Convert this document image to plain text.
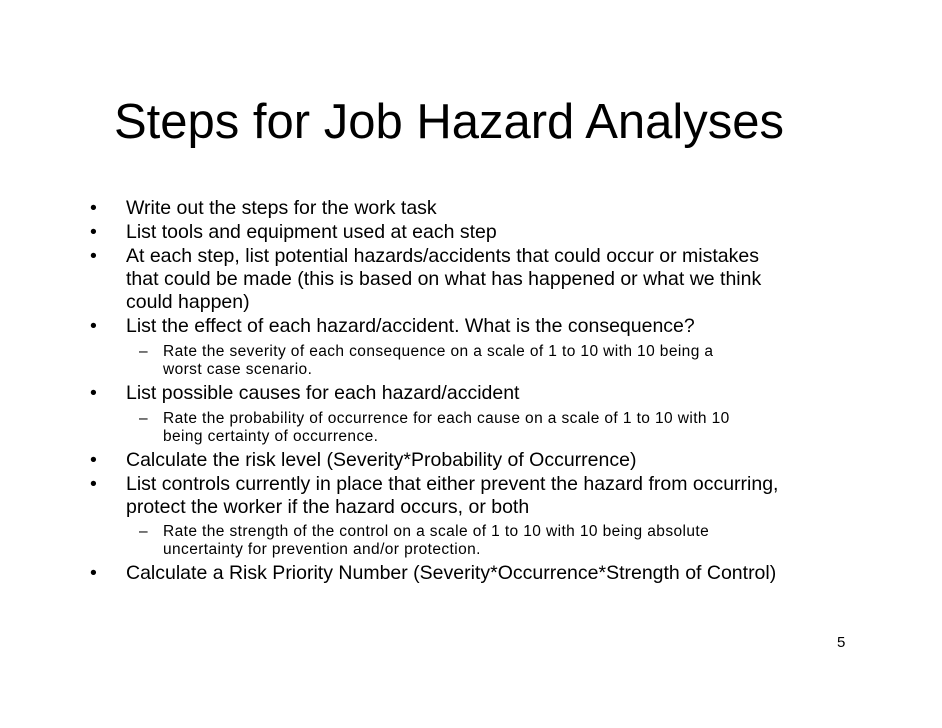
Steps for Job Hazard Analyses
• Write out the steps for the work task
• List tools and equipment used at each step
• At each step, list potential hazards/accidents that could occur or mistakes
that could be made (this is based on what has happened or what we think
could happen)
• List the effect of each hazard/accident. What is the consequence?
– Rate the severity of each consequence on a scale of 1 to 10 with 10 being a
worst case scenario.
• List possible causes for each hazard/accident
– Rate the probability of occurrence for each cause on a scale of 1 to 10 with 10
being certainty of occurrence.
• Calculate the risk level (Severity*Probability of Occurrence)
• List controls currently in place that either prevent the hazard from occurring,
protect the worker if the hazard occurs, or both
– Rate the strength of the control on a scale of 1 to 10 with 10 being absolute
uncertainty for prevention and/or protection.
• Calculate a Risk Priority Number (Severity*Occurrence*Strength of Control)
5
